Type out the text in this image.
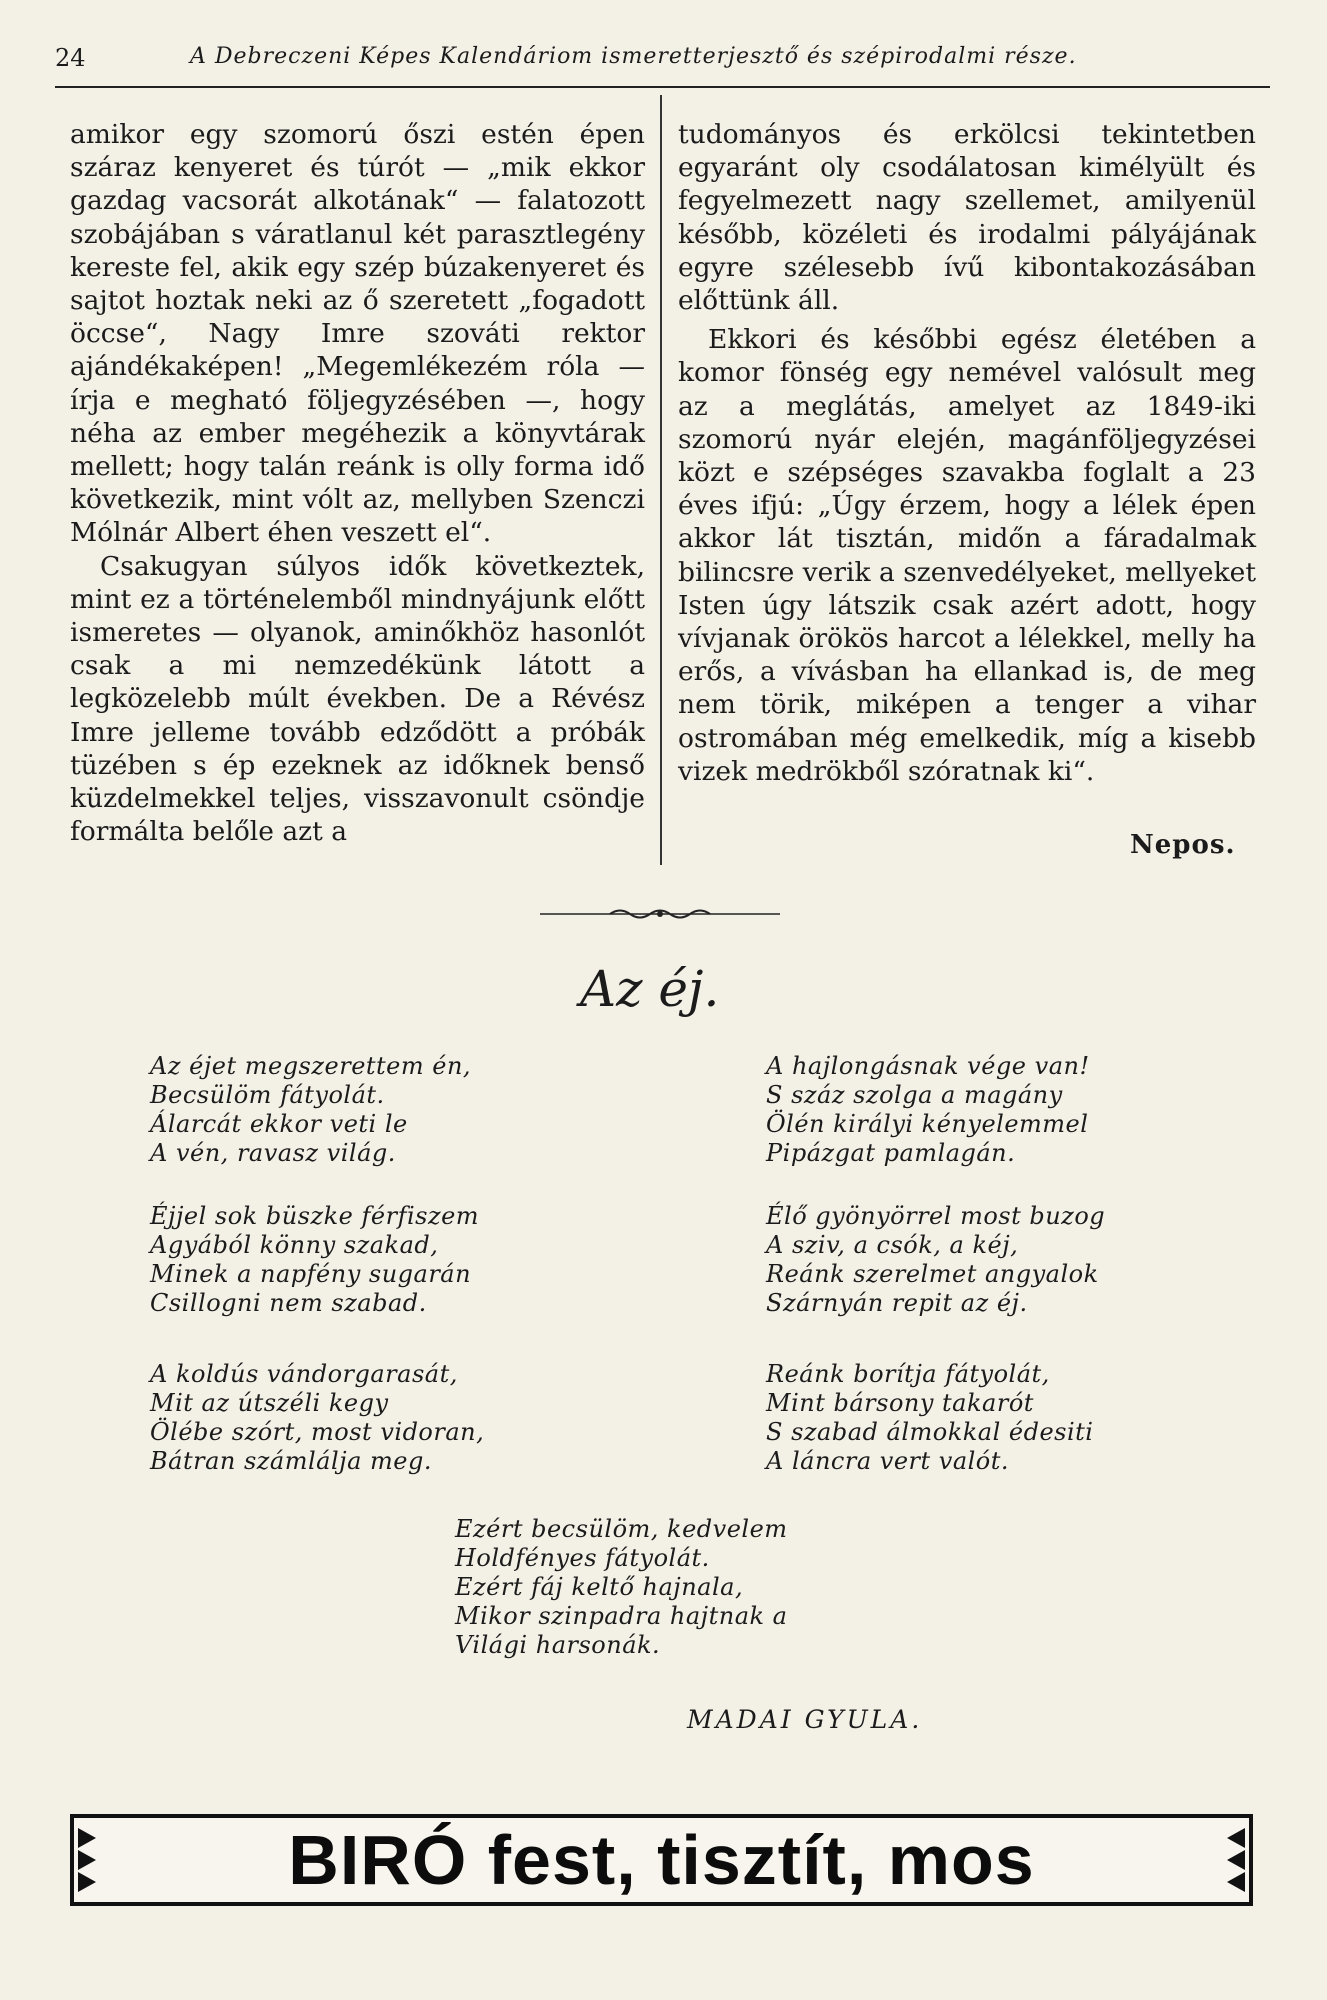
24	A Debreczeni Képes Kalendáriom ismeretterjesztő és szépirodalmi része.

amikor egy szomorú őszi estén épen száraz kenyeret és túrót — „mik ekkor gazdag vacsorát alkotának“ — falatozott szobájában s váratlanul két parasztlegény kereste fel, akik egy szép búzakenyeret és sajtot hoztak neki az ő szeretett „fogadott öccse“, Nagy Imre szováti rektor ajándékaképen! „Megemlékezém róla — írja e megható följegyzésében —, hogy néha az ember megéhezik a könyvtárak mellett; hogy talán reánk is olly forma idő következik, mint vólt az, mellyben Szenczi Mólnár Albert éhen veszett el“.

Csakugyan súlyos idők következtek, mint ez a történelemből mindnyájunk előtt ismeretes — olyanok, aminőkhöz hasonlót csak a mi nemzedékünk látott a legközelebb múlt években. De a Révész Imre jelleme tovább edződött a próbák tüzében s ép ezeknek az időknek benső küzdelmekkel teljes, visszavonult csöndje formálta belőle azt a

tudományos és erkölcsi tekintetben egyaránt oly csodálatosan kimélyült és fegyelmezett nagy szellemet, amilyenül később, közéleti és irodalmi pályájának egyre szélesebb ívű kibontakozásában előttünk áll.

Ekkori és későbbi egész életében a komor fönség egy nemével valósult meg az a meglátás, amelyet az 1849-iki szomorú nyár elején, magánföljegyzései közt e szépséges szavakba foglalt a 23 éves ifjú: „Úgy érzem, hogy a lélek épen akkor lát tisztán, midőn a fáradalmak bilincsre verik a szenvedélyeket, mellyeket Isten úgy látszik csak azért adott, hogy vívjanak örökös harcot a lélekkel, melly ha erős, a vívásban ha ellankad is, de meg nem törik, miképen a tenger a vihar ostromában még emelkedik, míg a kisebb vizek medrökből szóratnak ki“.

Nepos.
Az éj.
Az éjet megszerettem én,
Becsülöm fátyolát.
Álarcát ekkor veti le
A vén, ravasz világ.
A hajlongásnak vége van!
S száz szolga a magány
Ölén királyi kényelemmel
Pipázgat pamlagán.
Éjjel sok büszke férfiszem
Agyából könny szakad,
Minek a napfény sugarán
Csillogni nem szabad.
Élő gyönyörrel most buzog
A sziv, a csók, a kéj,
Reánk szerelmet angyalok
Szárnyán repit az éj.
A koldús vándorgarasát,
Mit az útszéli kegy
Ölébe szórt, most vidoran,
Bátran számlálja meg.
Reánk borítja fátyolát,
Mint bársony takarót
S szabad álmokkal édesiti
A láncra vert valót.
Ezért becsülöm, kedvelem
Holdfényes fátyolát.
Ezért fáj keltő hajnala,
Mikor szinpadra hajtnak a
Világi harsonák.
MADAI GYULA.
BIRÓ fest, tisztít, mos
